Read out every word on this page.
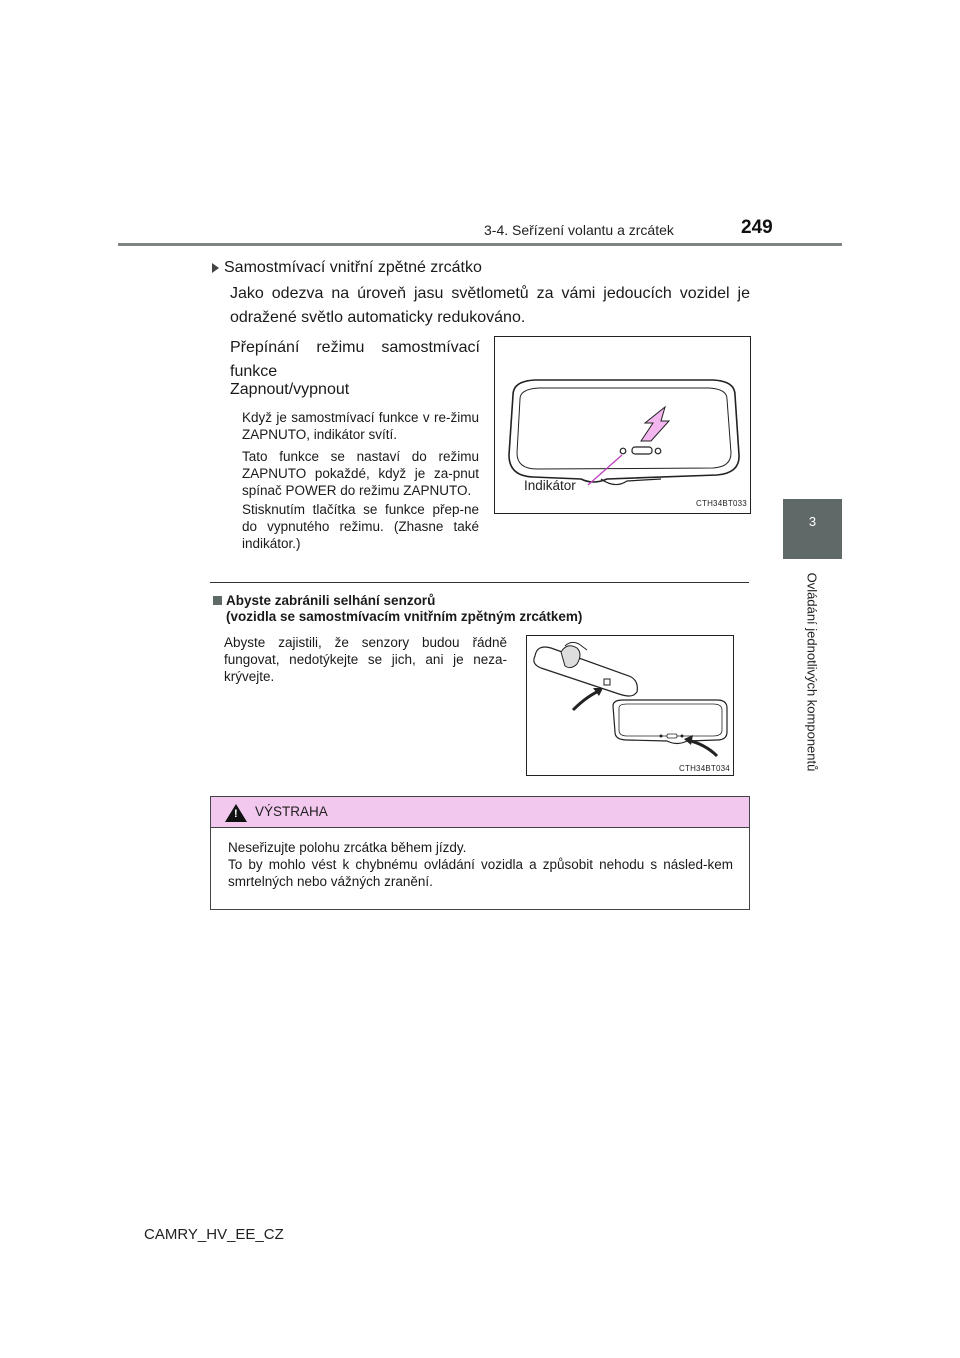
3-4. Seřízení volantu a zrcátek	249
3
Ovládání jednotlivých komponentů
Samostmívací vnitřní zpětné zrcátko
Jako odezva na úroveň jasu světlometů za vámi jedoucích vozidel je odražené světlo automaticky redukováno.
Přepínání režimu samostmívací funkce
Zapnout/vypnout
Když je samostmívací funkce v re-žimu ZAPNUTO, indikátor svítí.
Tato funkce se nastaví do režimu ZAPNUTO pokaždé, když je za-pnut spínač POWER do režimu ZAPNUTO.
Stisknutím tlačítka se funkce přep-ne do vypnutého režimu. (Zhasne také indikátor.)
Indikátor
CTH34BT033
Abyste zabránili selhání senzorů
(vozidla se samostmívacím vnitřním zpětným zrcátkem)
Abyste zajistili, že senzory budou řádně fungovat, nedotýkejte se jich, ani je neza-krývejte.
CTH34BT034
! VÝSTRAHA
Neseřizujte polohu zrcátka během jízdy.
To by mohlo vést k chybnému ovládání vozidla a způsobit nehodu s násled-kem smrtelných nebo vážných zranění.
CAMRY_HV_EE_CZ
